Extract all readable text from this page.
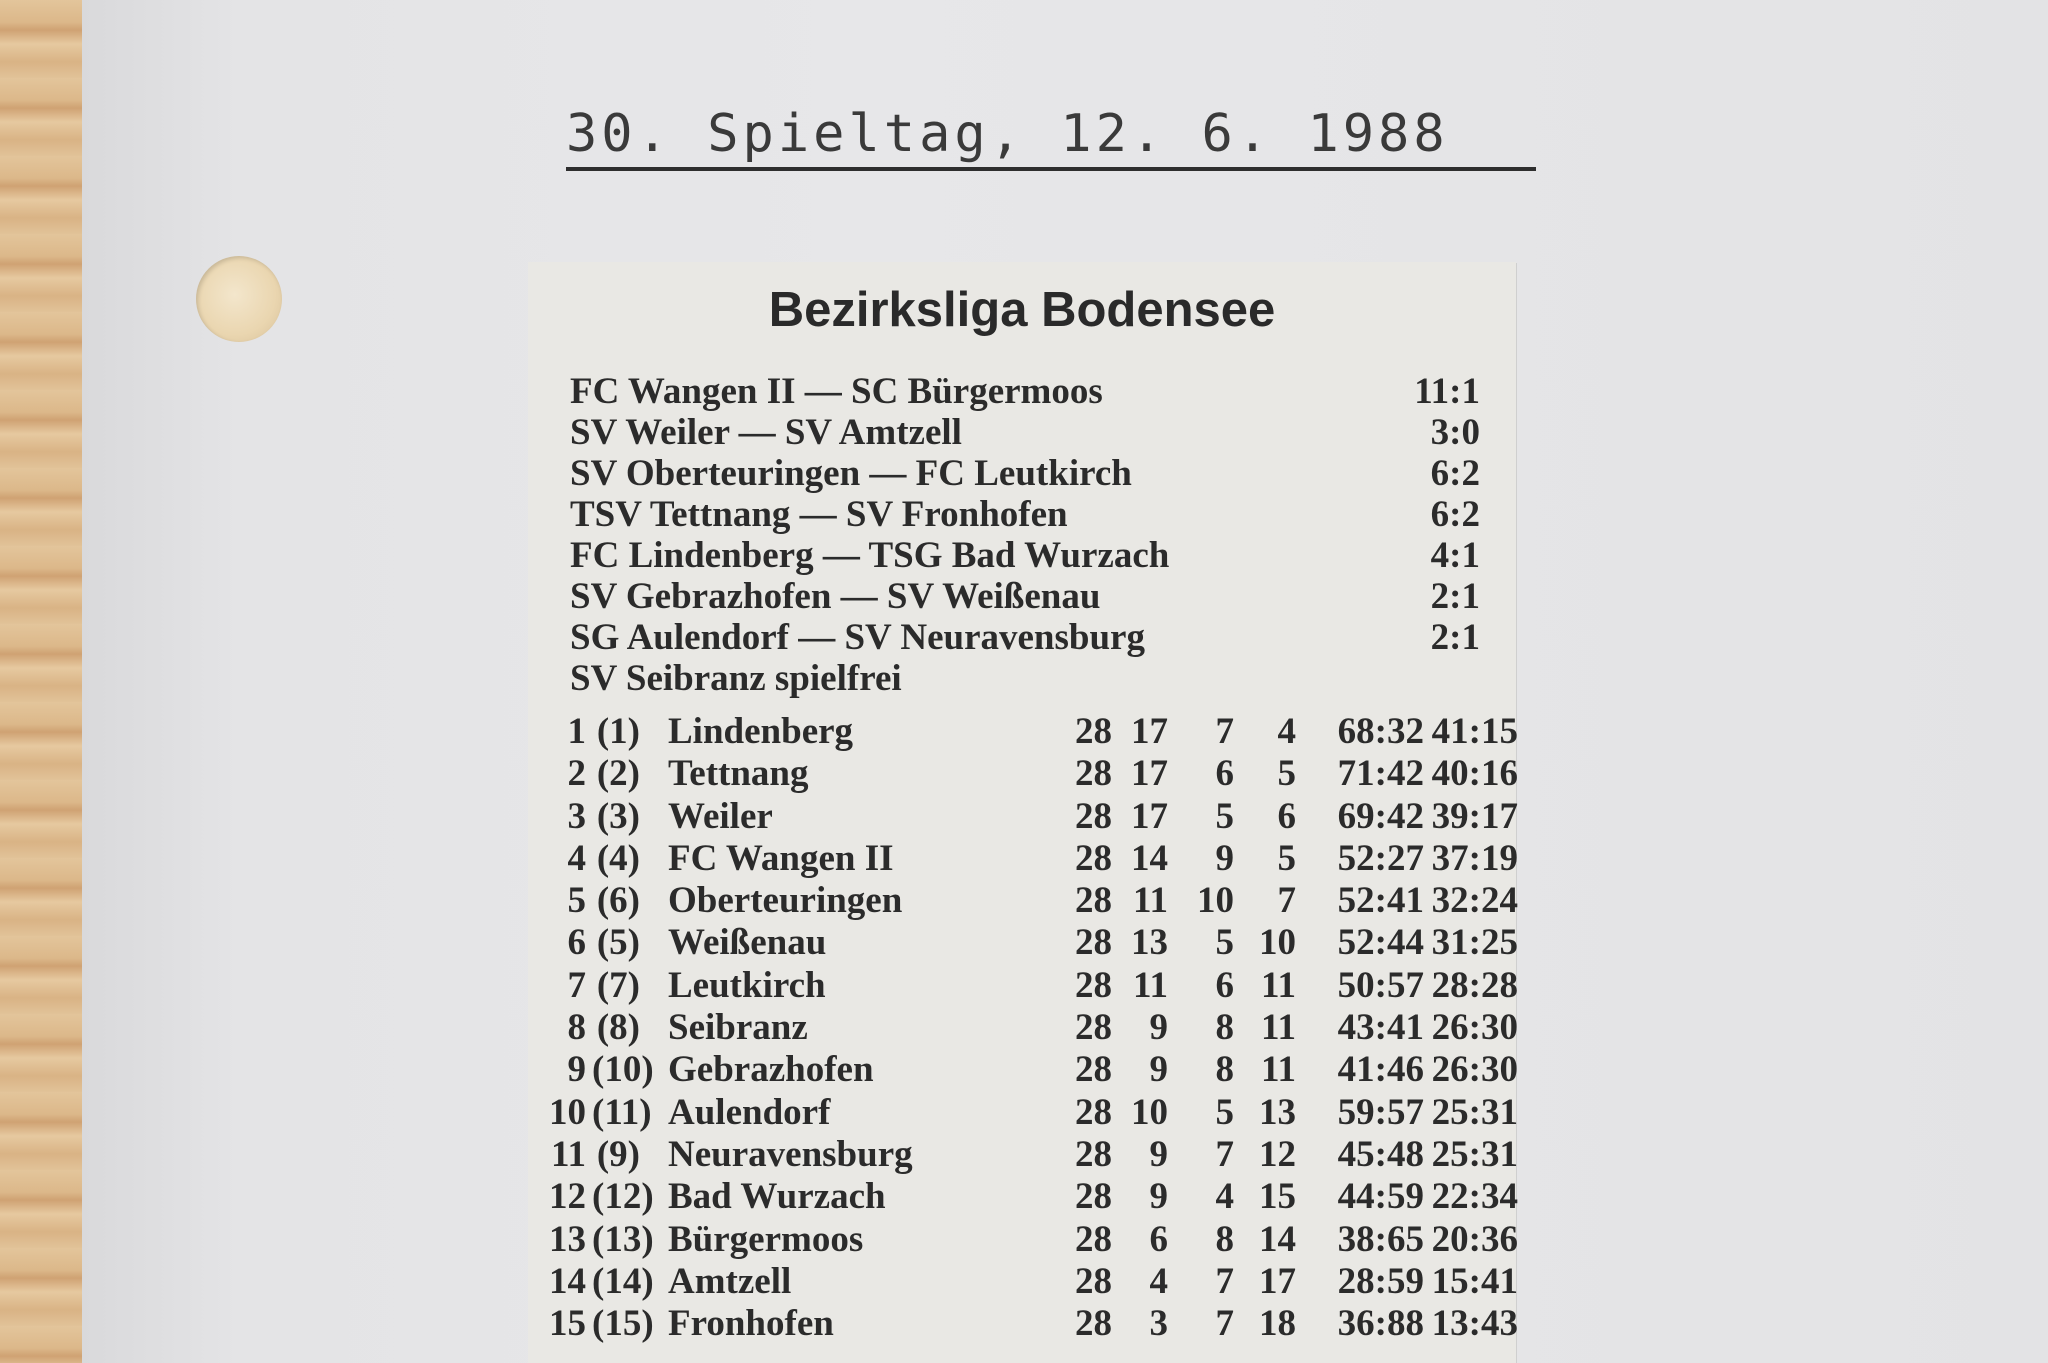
30. Spieltag, 12. 6. 1988
Bezirksliga Bodensee
FC Wangen II — SC Bürgermoos	11:1
SV Weiler — SV Amtzell	3:0
SV Oberteuringen — FC Leutkirch	6:2
TSV Tettnang — SV Fronhofen	6:2
FC Lindenberg — TSG Bad Wurzach	4:1
SV Gebrazhofen — SV Weißenau	2:1
SG Aulendorf — SV Neuravensburg	2:1
SV Seibranz spielfrei
1 (1) Lindenberg	28 17	7	4	68:32 41:15
2 (2) Tettnang	28 17	6	5	71:42 40:16
3 (3) Weiler	28 17	5	6	69:42 39:17
4 (4) FC Wangen II	28 14	9	5	52:27 37:19
5 (6) Oberteuringen	28 11 10	7	52:41 32:24
6 (5) Weißenau	28 13	5 10	52:44 31:25
7 (7) Leutkirch	28 11	6 11	50:57 28:28
8 (8) Seibranz	28	9	8 11	43:41 26:30
9 (10) Gebrazhofen	28	9	8 11	41:46 26:30
10 (11) Aulendorf	28 10	5 13	59:57 25:31
11 (9) Neuravensburg	28	9	7 12	45:48 25:31
12 (12) Bad Wurzach	28	9	4 15	44:59 22:34
13 (13) Bürgermoos	28	6	8 14	38:65 20:36
14 (14) Amtzell	28	4	7 17	28:59 15:41
15 (15) Fronhofen	28	3	7 18	36:88 13:43
